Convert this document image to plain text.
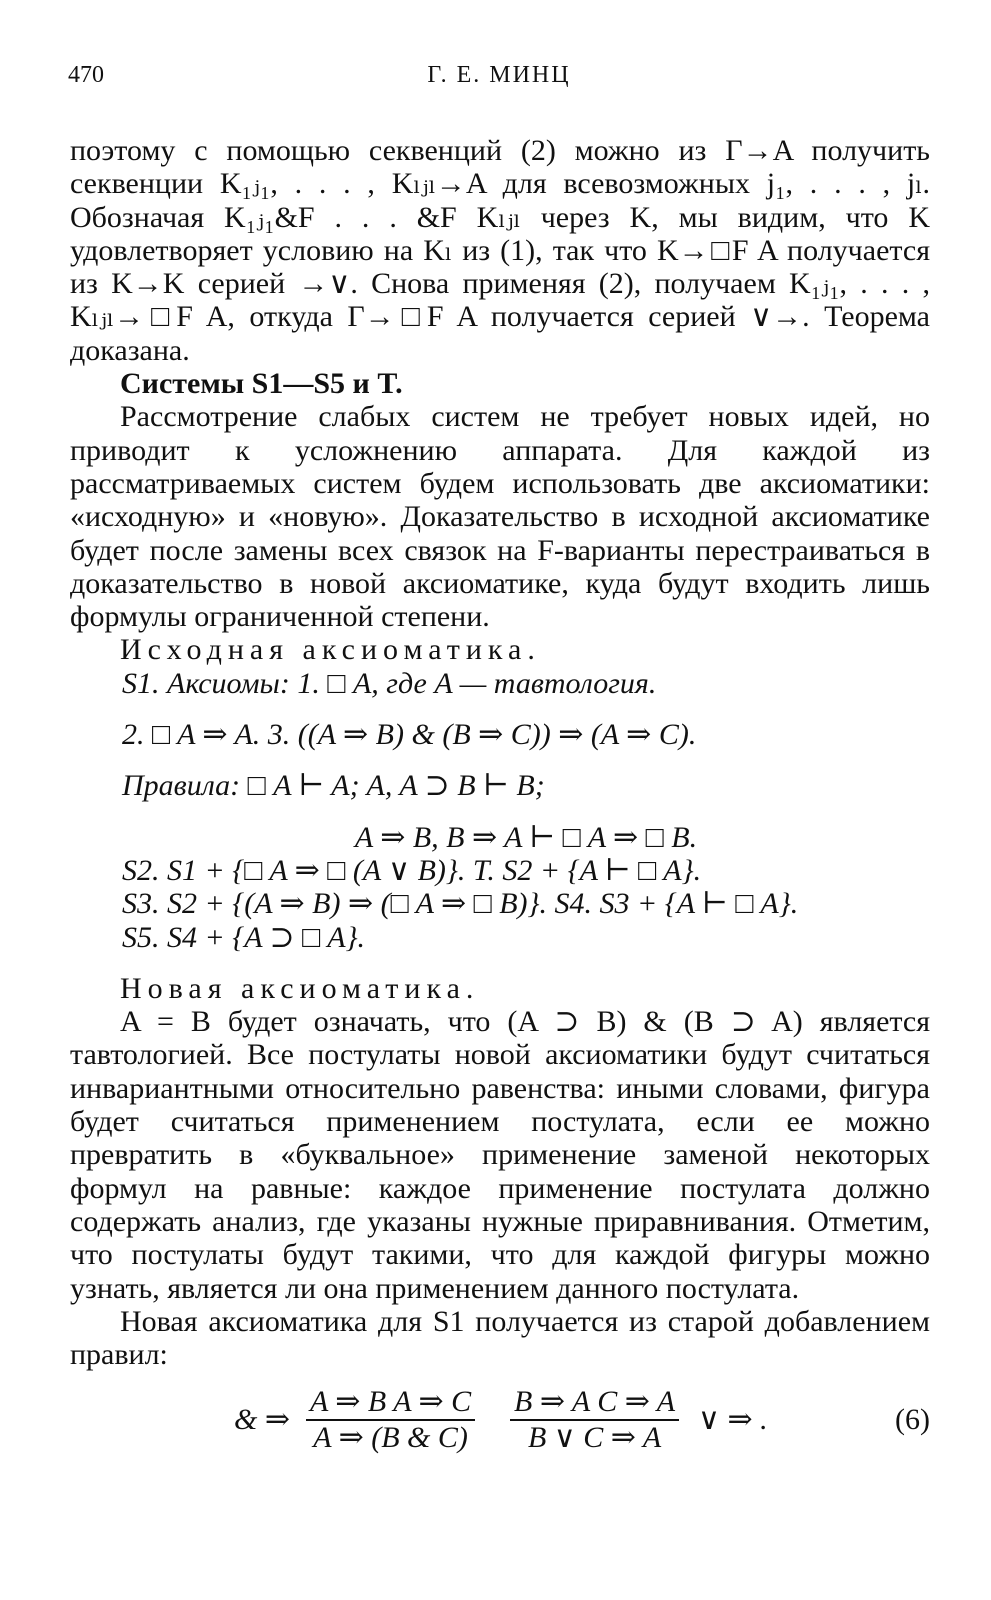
470	Г. Е. МИНЦ

поэтому с помощью секвенций (2) можно из Γ→A получить секвенции K₁ⱼ₁, . . . , Kₗⱼₗ→A для всевозможных j₁, . . . , jₗ. Обозначая K₁ⱼ₁&F . . . &F Kₗⱼₗ через K, мы видим, что K удовлетворяет условию на Kₗ из (1), так что K→□F A получается из K→K серией →∨. Снова применяя (2), получаем K₁ⱼ₁, . . . , Kₗⱼₗ→□F A, откуда Γ→□F A получается серией ∨→. Теорема доказана.

Системы S1—S5 и T.

Рассмотрение слабых систем не требует новых идей, но приводит к усложнению аппарата. Для каждой из рассматриваемых систем будем использовать две аксиоматики: «исходную» и «новую». Доказательство в исходной аксиоматике будет после замены всех связок на F-варианты перестраиваться в доказательство в новой аксиоматике, куда будут входить лишь формулы ограниченной степени.

Исходная аксиоматика.

S1. Аксиомы: 1. □ A, где A — тавтология.

2. □ A ⇒ A. 3. ((A ⇒ B) & (B ⇒ C)) ⇒ (A ⇒ C).

Правила: □ A ⊢ A; A, A ⊃ B ⊢ B;

A ⇒ B, B ⇒ A ⊢ □ A ⇒ □ B.

S2. S1 + {□ A ⇒ □ (A ∨ B)}. T. S2 + {A ⊢ □ A}.

S3. S2 + {(A ⇒ B) ⇒ (□ A ⇒ □ B)}. S4. S3 + {A ⊢ □ A}.

S5. S4 + {A ⊃ □ A}.

Новая аксиоматика.

A = B будет означать, что (A ⊃ B) & (B ⊃ A) является тавтологией. Все постулаты новой аксиоматики будут считаться инвариантными относительно равенства: иными словами, фигура будет считаться применением постулата, если ее можно превратить в «буквальное» применение заменой некоторых формул на равные: каждое применение постулата должно содержать анализ, где указаны нужные приравнивания. Отметим, что постулаты будут такими, что для каждой фигуры можно узнать, является ли она применением данного постулата.

Новая аксиоматика для S1 получается из старой добавлением правил:

& ⇒ $\frac{\text{A ⇒ B A ⇒ C}}{A \Rightarrow (B \& C)} \frac{\text{B ⇒ A C ⇒ A}}{B \vee C \Rightarrow A}$ ∨ ⇒ .	(6)
